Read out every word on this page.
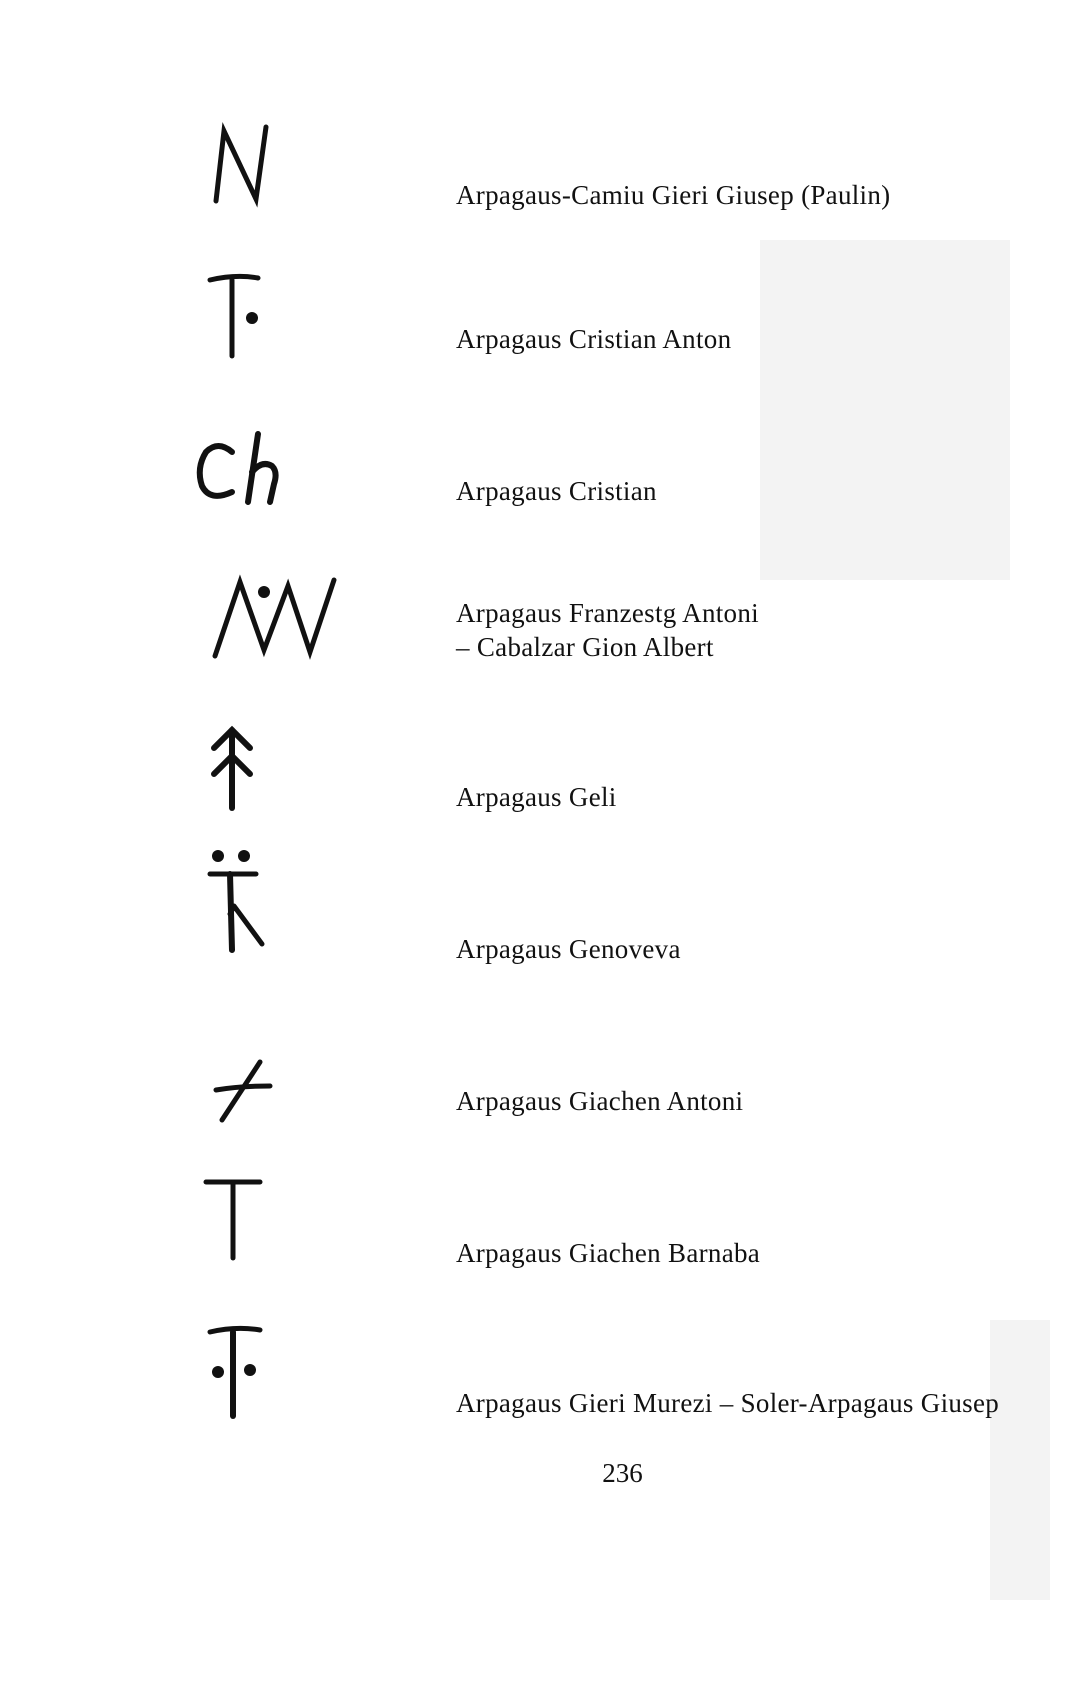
Arpagaus-Camiu Gieri Giusep (Paulin)
Arpagaus Cristian Anton
Arpagaus Cristian
Arpagaus Franzestg Antoni
– Cabalzar Gion Albert
Arpagaus Geli
Arpagaus Genoveva
Arpagaus Giachen Antoni
Arpagaus Giachen Barnaba
Arpagaus Gieri Murezi – Soler-Arpagaus Giusep
236
